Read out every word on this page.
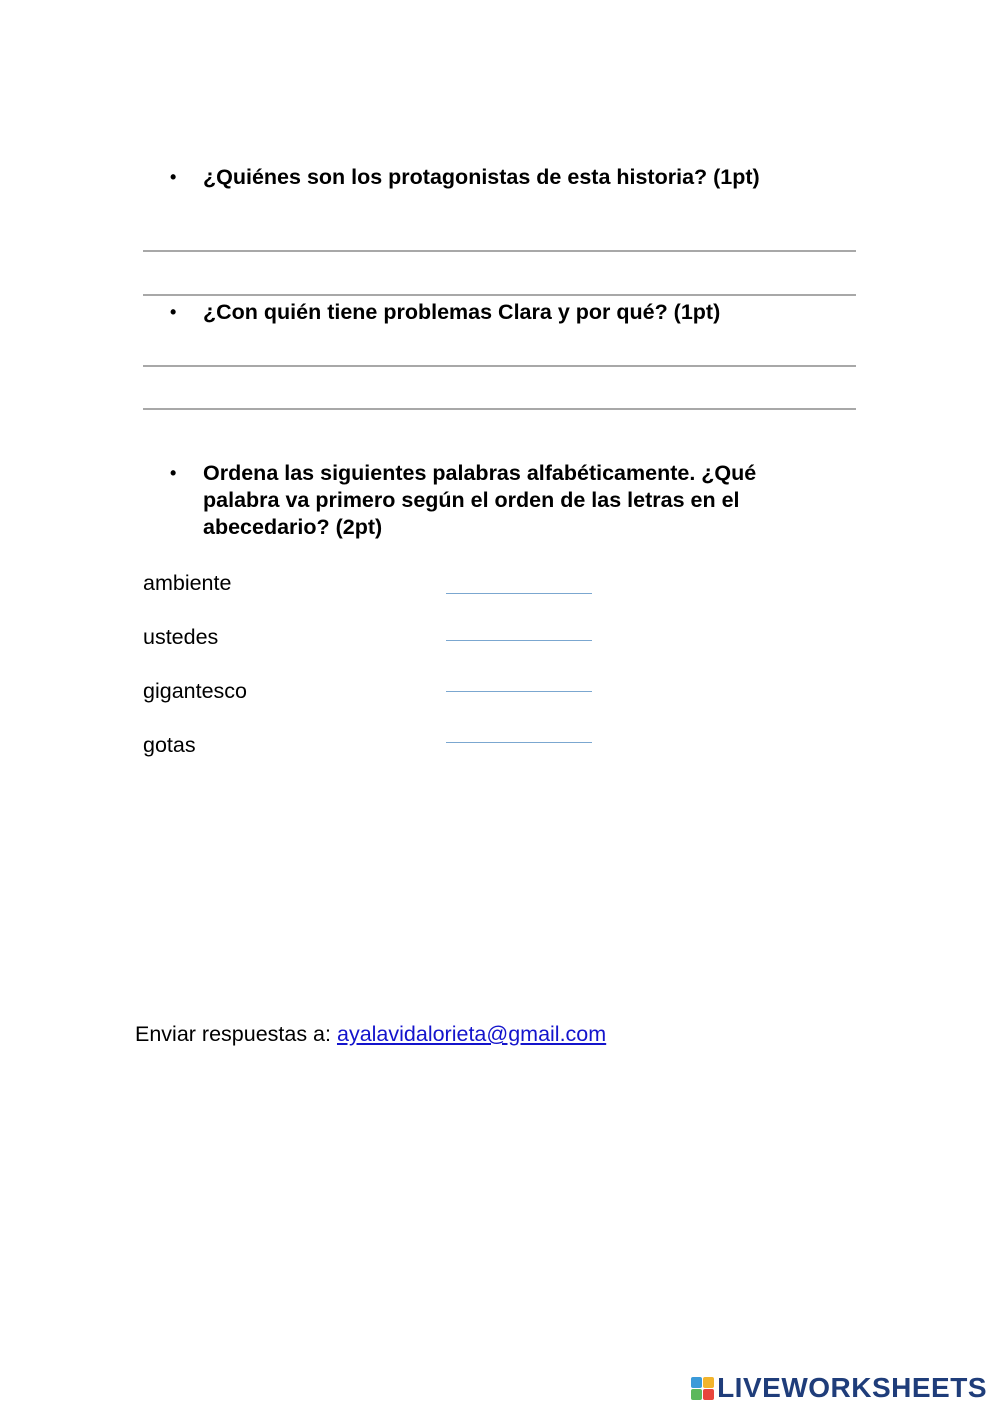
• ¿Quiénes son los protagonistas de esta historia? (1pt)
• ¿Con quién tiene problemas Clara y por qué? (1pt)
• Ordena las siguientes palabras alfabéticamente. ¿Qué palabra va primero según el orden de las letras en el abecedario? (2pt)
ambiente
ustedes
gigantesco
gotas
Enviar respuestas a: ayalavidalorieta@gmail.com
LIVEWORKSHEETS
